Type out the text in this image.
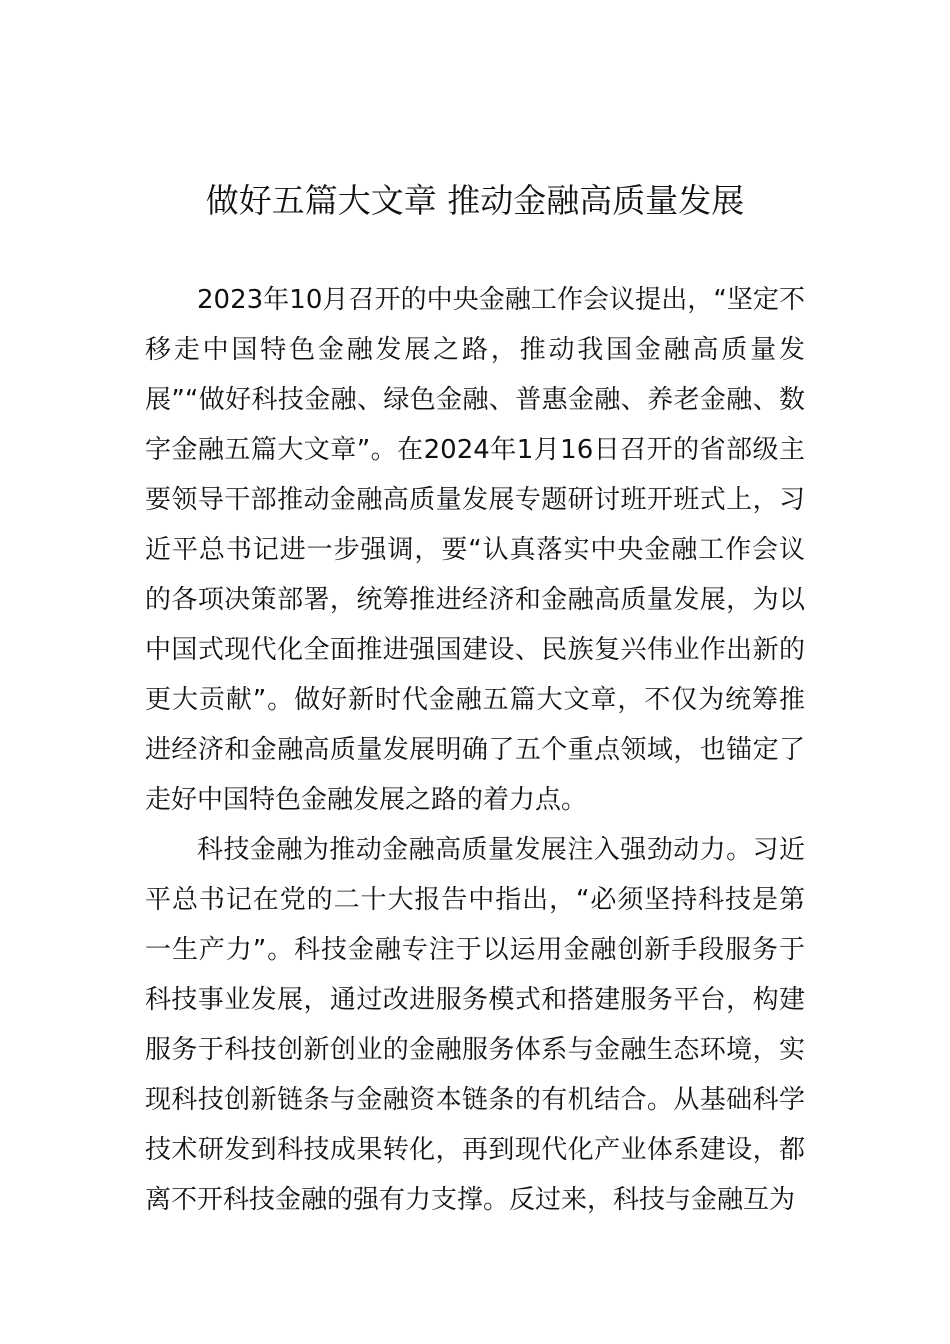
做好五篇大文章 推动金融高质量发展

2023年10月召开的中央金融工作会议提出，“坚定不移走中国特色金融发展之路，推动我国金融高质量发展”“做好科技金融、绿色金融、普惠金融、养老金融、数字金融五篇大文章”。在2024年1月16日召开的省部级主要领导干部推动金融高质量发展专题研讨班开班式上，习近平总书记进一步强调，要“认真落实中央金融工作会议的各项决策部署，统筹推进经济和金融高质量发展，为以中国式现代化全面推进强国建设、民族复兴伟业作出新的更大贡献”。做好新时代金融五篇大文章，不仅为统筹推进经济和金融高质量发展明确了五个重点领域，也锚定了走好中国特色金融发展之路的着力点。

科技金融为推动金融高质量发展注入强劲动力。习近平总书记在党的二十大报告中指出，“必须坚持科技是第一生产力”。科技金融专注于以运用金融创新手段服务于科技事业发展，通过改进服务模式和搭建服务平台，构建服务于科技创新创业的金融服务体系与金融生态环境，实现科技创新链条与金融资本链条的有机结合。从基础科学技术研发到科技成果转化，再到现代化产业体系建设，都离不开科技金融的强有力支撑。反过来，科技与金融互为
